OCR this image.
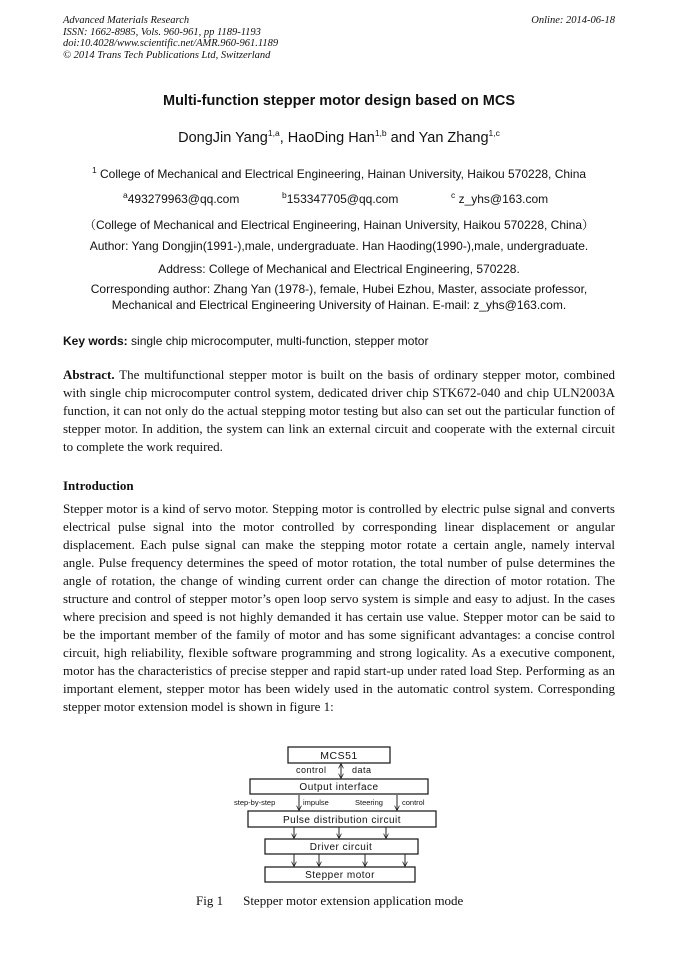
Advanced Materials Research
ISSN: 1662-8985, Vols. 960-961, pp 1189-1193
doi:10.4028/www.scientific.net/AMR.960-961.1189
© 2014 Trans Tech Publications Ltd, Switzerland
Online: 2014-06-18
Multi-function stepper motor design based on MCS
DongJin Yang$^{1,a}$, HaoDing Han$^{1,b}$ and Yan Zhang$^{1,c}$
$^1$ College of Mechanical and Electrical Engineering, Hainan University, Haikou 570228, China
$^a$493279963@qq.com	$^b$153347705@qq.com	$^c$ z_yhs@163.com
（College of Mechanical and Electrical Engineering, Hainan University, Haikou 570228, China）
Author: Yang Dongjin(1991-),male, undergraduate. Han Haoding(1990-),male, undergraduate.
Address: College of Mechanical and Electrical Engineering, 570228.
Corresponding author: Zhang Yan (1978-), female, Hubei Ezhou, Master, associate professor,
Mechanical and Electrical Engineering University of Hainan. E-mail: z_yhs@163.com.
Key words: single chip microcomputer, multi-function, stepper motor
Abstract. The multifunctional stepper motor is built on the basis of ordinary stepper motor, combined with single chip microcomputer control system, dedicated driver chip STK672-040 and chip ULN2003A function, it can not only do the actual stepping motor testing but also can set out the particular function of stepper motor. In addition, the system can link an external circuit and cooperate with the external circuit to complete the work required.
Introduction
Stepper motor is a kind of servo motor. Stepping motor is controlled by electric pulse signal and converts electrical pulse signal into the motor controlled by corresponding linear displacement or angular displacement. Each pulse signal can make the stepping motor rotate a certain angle, namely interval angle. Pulse frequency determines the speed of motor rotation, the total number of pulse determines the angle of rotation, the change of winding current order can change the direction of motor rotation. The structure and control of stepper motor’s open loop servo system is simple and easy to adjust. In the cases where precision and speed is not highly demanded it has certain use value. Stepper motor can be said to be the important member of the family of motor and has some significant advantages: a concise control circuit, high reliability, flexible software programming and strong logicality. As a executive component, motor has the characteristics of precise stepper and rapid start-up under rated load Step. Performing as an important element, stepper motor has been widely used in the automatic control system. Corresponding stepper motor extension model is shown in figure 1:
MCS51
control	data
Output interface
step-by-step	impulse	Steering	control
Pulse distribution circuit
Driver circuit
Stepper motor
Fig 1 Stepper motor extension application mode
